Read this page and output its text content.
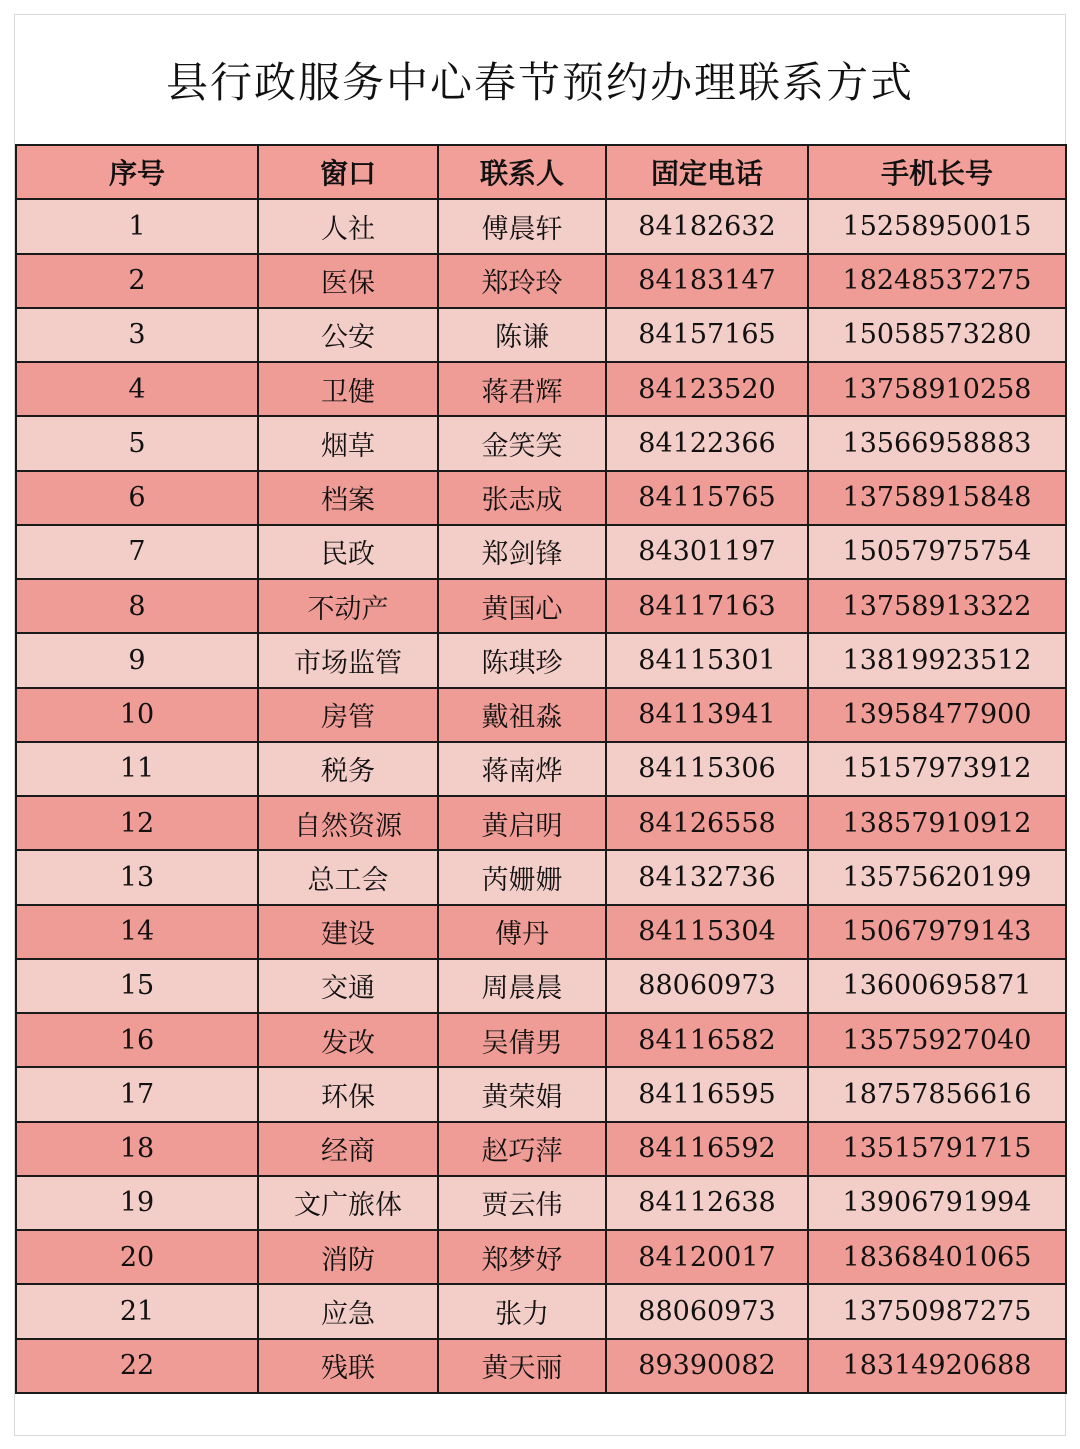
县行政服务中心春节预约办理联系方式
序号	窗口	联系人	固定电话	手机长号
1	人社	傅晨轩	84182632	15258950015
2	医保	郑玲玲	84183147	18248537275
3	公安	陈谦	84157165	15058573280
4	卫健	蒋君辉	84123520	13758910258
5	烟草	金笑笑	84122366	13566958883
6	档案	张志成	84115765	13758915848
7	民政	郑剑锋	84301197	15057975754
8	不动产	黄国心	84117163	13758913322
9	市场监管	陈琪珍	84115301	13819923512
10	房管	戴祖淼	84113941	13958477900
11	税务	蒋南烨	84115306	15157973912
12	自然资源	黄启明	84126558	13857910912
13	总工会	芮姗姗	84132736	13575620199
14	建设	傅丹	84115304	15067979143
15	交通	周晨晨	88060973	13600695871
16	发改	吴倩男	84116582	13575927040
17	环保	黄荣娟	84116595	18757856616
18	经商	赵巧萍	84116592	13515791715
19	文广旅体	贾云伟	84112638	13906791994
20	消防	郑梦妤	84120017	18368401065
21	应急	张力	88060973	13750987275
22	残联	黄天丽	89390082	18314920688
